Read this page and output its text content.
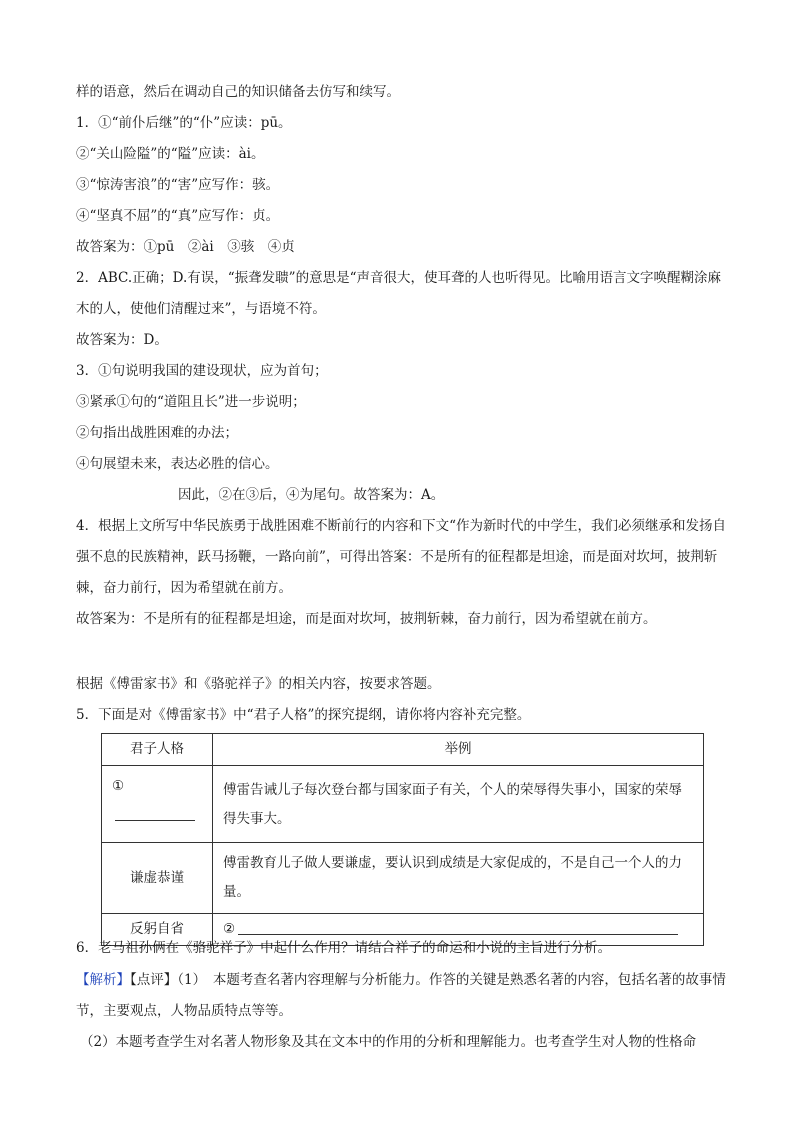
样的语意，然后在调动自己的知识储备去仿写和续写。
1．①“前仆后继”的“仆”应读：pū。
②“关山险隘”的“隘”应读：ài。
③“惊涛害浪”的“害”应写作：骇。
④“坚真不屈”的“真”应写作：贞。
故答案为：①pū　②ài　③骇　④贞
2．ABC.正确；D.有误，“振聋发聩”的意思是“声音很大，使耳聋的人也听得见。比喻用语言文字唤醒糊涂麻木的人，使他们清醒过来”，与语境不符。
故答案为：D。
3．①句说明我国的建设现状，应为首句；
③紧承①句的“道阻且长”进一步说明；
②句指出战胜困难的办法；
④句展望未来，表达必胜的信心。
因此，②在③后，④为尾句。故答案为：A。
4．根据上文所写中华民族勇于战胜困难不断前行的内容和下文“作为新时代的中学生，我们必须继承和发扬自强不息的民族精神，跃马扬鞭，一路向前”，可得出答案：不是所有的征程都是坦途，而是面对坎坷，披荆斩棘，奋力前行，因为希望就在前方。
故答案为：不是所有的征程都是坦途，而是面对坎坷，披荆斩棘，奋力前行，因为希望就在前方。
根据《傅雷家书》和《骆驼祥子》的相关内容，按要求答题。
5．下面是对《傅雷家书》中“君子人格”的探究提纲，请你将内容补充完整。
君子人格	举例
①	傅雷告诫儿子每次登台都与国家面子有关，个人的荣辱得失事小，国家的荣辱得失事大。
谦虚恭谨	傅雷教育儿子做人要谦虚，要认识到成绩是大家促成的，不是自己一个人的力量。
反躬自省	②
6．老马祖孙俩在《骆驼祥子》中起什么作用？请结合祥子的命运和小说的主旨进行分析。
【解析】【点评】（1）　本题考查名著内容理解与分析能力。作答的关键是熟悉名著的内容，包括名著的故事情节，主要观点，人物品质特点等等。
（2）本题考查学生对名著人物形象及其在文本中的作用的分析和理解能力。也考查学生对人物的性格命
